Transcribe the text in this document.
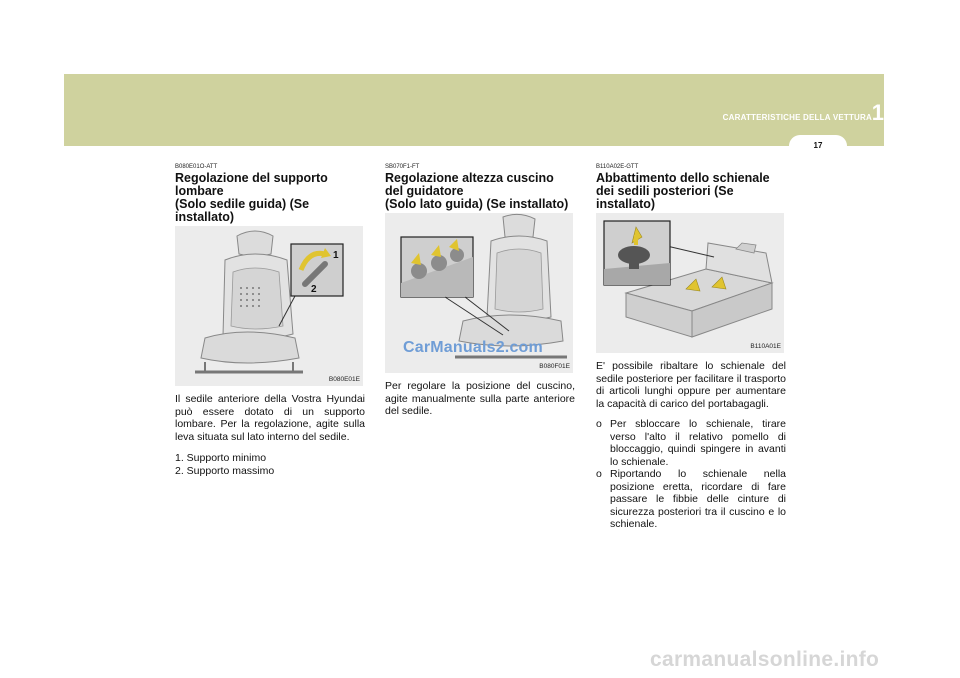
CARATTERISTICHE DELLA VETTURA 1
17
B080E01O-ATT
Regolazione del supporto lombare
(Solo sedile guida) (Se installato)
1
2
B080E01E

Il sedile anteriore della Vostra Hyundai può essere dotato di un supporto lombare. Per la regolazione, agite sulla leva situata sul lato interno del sedile.

1. Supporto minimo
2. Supporto massimo
SB070F1-FT
Regolazione altezza cuscino del guidatore
(Solo lato guida) (Se installato)
CarManuals2.com
B080F01E

Per regolare la posizione del cuscino, agite manualmente sulla parte anteriore del sedile.

B110A02E-GTT
Abbattimento dello schienale dei sedili posteriori (Se installato)
B110A01E

E' possibile ribaltare lo schienale del sedile posteriore per facilitare il trasporto di articoli lunghi oppure per aumentare la capacità di carico del portabagagli.

o Per sbloccare lo schienale, tirare verso l'alto il relativo pomello di bloccaggio, quindi spingere in avanti lo schienale.
o Riportando lo schienale nella posizione eretta, ricordare di fare passare le fibbie delle cinture di sicurezza posteriori tra il cuscino e lo schienale.
carmanualsonline.info
